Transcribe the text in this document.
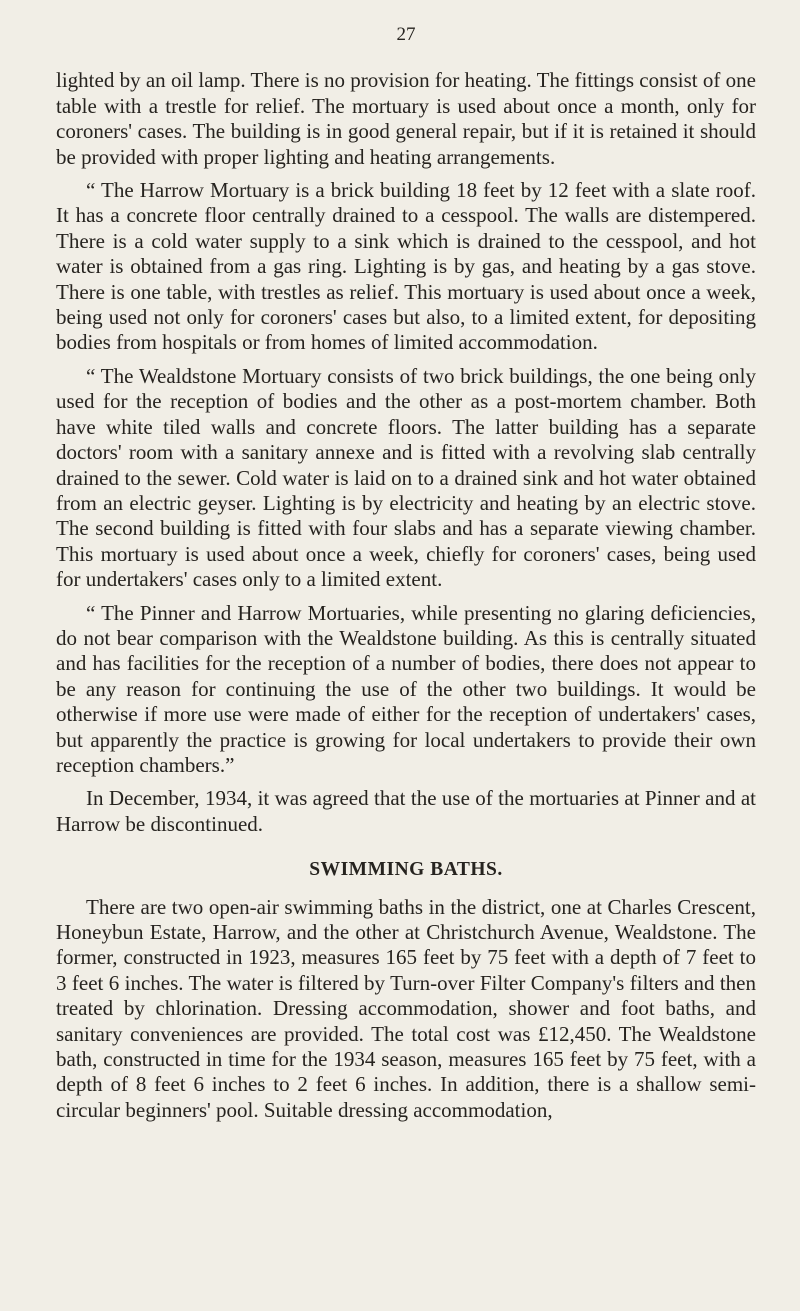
27

lighted by an oil lamp. There is no provision for heating. The fittings consist of one table with a trestle for relief. The mortuary is used about once a month, only for coroners' cases. The building is in good general repair, but if it is retained it should be provided with proper lighting and heating arrangements.

“ The Harrow Mortuary is a brick building 18 feet by 12 feet with a slate roof. It has a concrete floor centrally drained to a cesspool. The walls are distempered. There is a cold water supply to a sink which is drained to the cesspool, and hot water is obtained from a gas ring. Lighting is by gas, and heating by a gas stove. There is one table, with trestles as relief. This mortuary is used about once a week, being used not only for coroners' cases but also, to a limited extent, for depositing bodies from hospitals or from homes of limited accommodation.

“ The Wealdstone Mortuary consists of two brick buildings, the one being only used for the reception of bodies and the other as a post-mortem chamber. Both have white tiled walls and concrete floors. The latter building has a separate doctors' room with a sanitary annexe and is fitted with a revolving slab centrally drained to the sewer. Cold water is laid on to a drained sink and hot water obtained from an electric geyser. Lighting is by electricity and heating by an electric stove. The second building is fitted with four slabs and has a separate viewing chamber. This mortuary is used about once a week, chiefly for coroners' cases, being used for undertakers' cases only to a limited extent.

“ The Pinner and Harrow Mortuaries, while presenting no glaring deficiencies, do not bear comparison with the Wealdstone building. As this is centrally situated and has facilities for the reception of a number of bodies, there does not appear to be any reason for continuing the use of the other two buildings. It would be otherwise if more use were made of either for the reception of undertakers' cases, but apparently the practice is growing for local undertakers to provide their own reception chambers.”

In December, 1934, it was agreed that the use of the mortuaries at Pinner and at Harrow be discontinued.

SWIMMING BATHS.

There are two open-air swimming baths in the district, one at Charles Crescent, Honeybun Estate, Harrow, and the other at Christchurch Avenue, Wealdstone. The former, constructed in 1923, measures 165 feet by 75 feet with a depth of 7 feet to 3 feet 6 inches. The water is filtered by Turn-over Filter Company's filters and then treated by chlorination. Dressing accommodation, shower and foot baths, and sanitary conveniences are provided. The total cost was £12,450. The Wealdstone bath, constructed in time for the 1934 season, measures 165 feet by 75 feet, with a depth of 8 feet 6 inches to 2 feet 6 inches. In addition, there is a shallow semi-circular beginners' pool. Suitable dressing accommodation,
